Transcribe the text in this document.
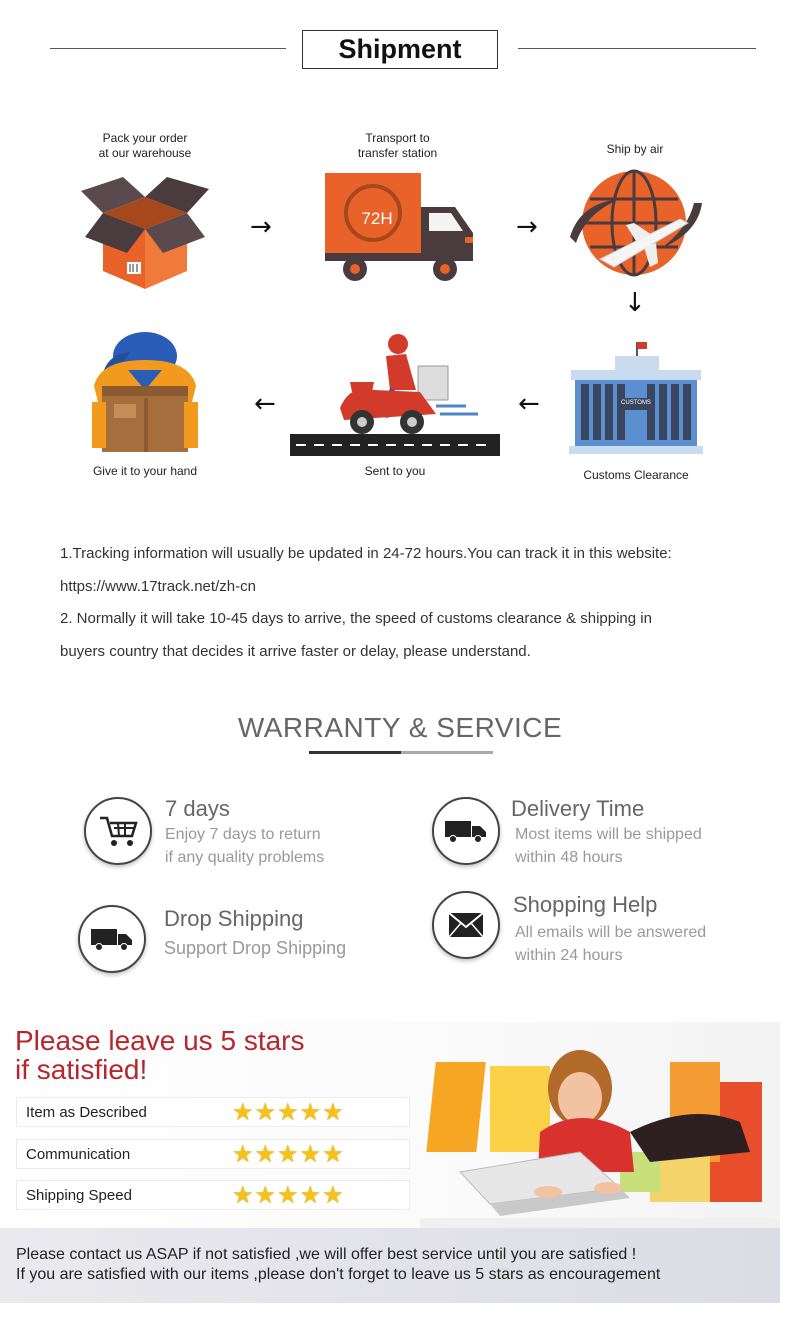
Shipment
Pack your order
at our warehouse
→
Transport to
transfer station
72H	→
Ship by air
↓
Give it to your hand
←
Sent to you
←	CUSTOMS
Customs Clearance
1.Tracking information will usually be updated in 24-72 hours.You can track it in this website:
https://www.17track.net/zh-cn
2. Normally it will take 10-45 days to arrive, the speed of customs clearance & shipping in
buyers country that decides it arrive faster or delay, please understand.
WARRANTY & SERVICE
7 days
Enjoy 7 days to return
if any quality problems
Delivery Time
Most items will be shipped
within 48 hours
Drop Shipping
Support Drop Shipping
Shopping Help
All emails will be answered
within 24 hours
Please leave us 5 stars
if satisfied!
Item as Described	★★★★★
Communication	★★★★★
Shipping Speed	★★★★★

Please contact us ASAP if not satisfied ,we will offer best service until you are satisfied !

If you are satisfied with our items ,please don't forget to leave us 5 stars as encouragement
